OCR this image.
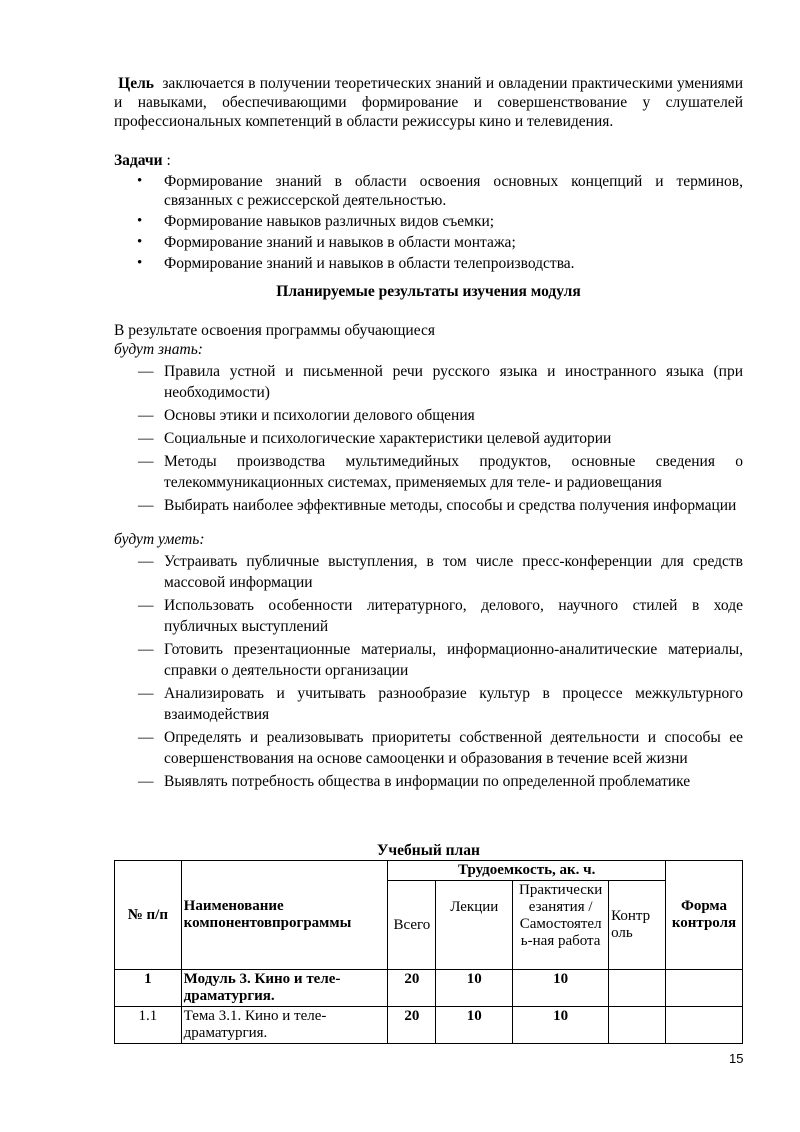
Цель заключается в получении теоретических знаний и овладении практическими умениями и навыками, обеспечивающими формирование и совершенствование у слушателей профессиональных компетенций в области режиссуры кино и телевидения.

Задачи :

• Формирование знаний в области освоения основных концепций и терминов, связанных с режиссерской деятельностью.
• Формирование навыков различных видов съемки;
• Формирование знаний и навыков в области монтажа;
• Формирование знаний и навыков в области телепроизводства.
Планируемые результаты изучения модуля

В результате освоения программы обучающиеся

будут знать:

— Правила устной и письменной речи русского языка и иностранного языка (при необходимости)
— Основы этики и психологии делового общения
— Социальные и психологические характеристики целевой аудитории
— Методы производства мультимедийных продуктов, основные сведения о телекоммуникационных системах, применяемых для теле- и радиовещания
— Выбирать наиболее эффективные методы, способы и средства получения информации

будут уметь:

— Устраивать публичные выступления, в том числе пресс-конференции для средств массовой информации
— Использовать особенности литературного, делового, научного стилей в ходе публичных выступлений
— Готовить презентационные материалы, информационно-аналитические материалы, справки о деятельности организации
— Анализировать и учитывать разнообразие культур в процессе межкультурного взаимодействия
— Определять и реализовывать приоритеты собственной деятельности и способы ее совершенствования на основе самооценки и образования в течение всей жизни
— Выявлять потребность общества в информации по определенной проблематике

Учебный план

№ п/п	Наименование компонентовпрограммы	Трудоемкость, ак. ч.				Форма контроля
		Всего	Лекции	Практически езанятия / Самостоятел ь-ная работа	Контр оль	
1	Модуль 3. Кино и теле-драматургия.	20	10	10		
1.1	Тема 3.1. Кино и теле-драматургия.	20	10	10		
15
